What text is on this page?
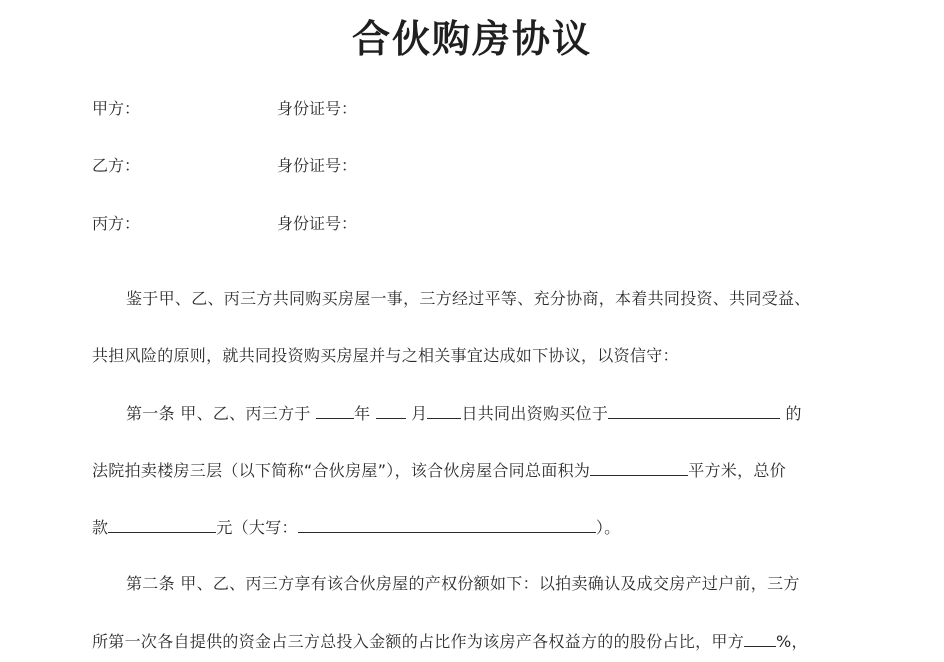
合伙购房协议
甲方：	身份证号：
乙方：	身份证号：
丙方：	身份证号：
鉴于甲、乙、丙三方共同购买房屋一事，三方经过平等、充分协商，本着共同投资、共同受益、
共担风险的原则，就共同投资购买房屋并与之相关事宜达成如下协议，以资信守：
第一条 甲、乙、丙三方于 年  月 日共同出资购买位于	的
法院拍卖楼房三层（以下简称“合伙房屋”），该合伙房屋合同总面积为	平方米，总价
款	元（大写：	）。
第二条 甲、乙、丙三方享有该合伙房屋的产权份额如下：以拍卖确认及成交房产过户前，三方
所第一次各自提供的资金占三方总投入金额的占比作为该房产各权益方的的股份占比，甲方 %，
